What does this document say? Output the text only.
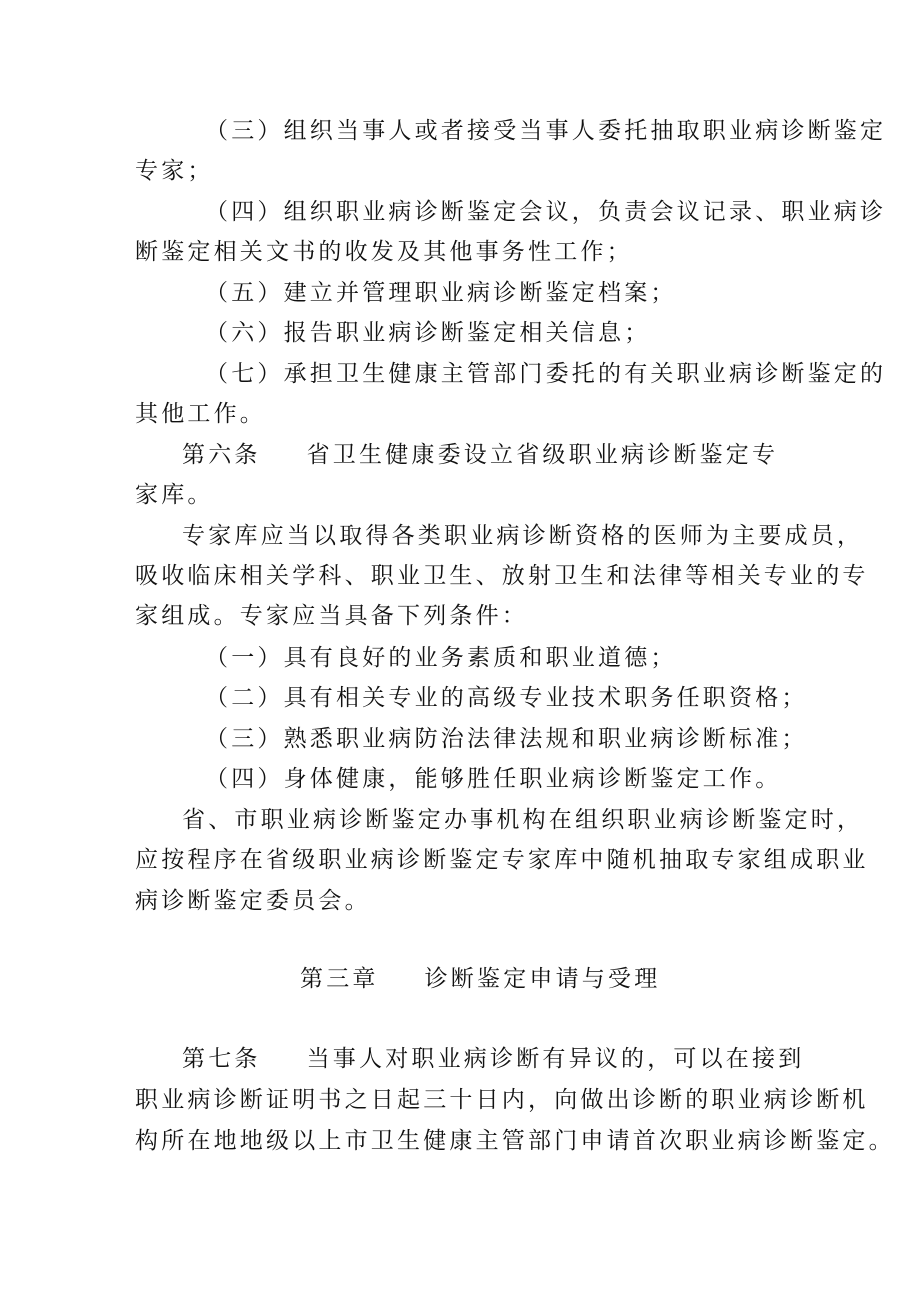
（三）组织当事人或者接受当事人委托抽取职业病诊断鉴定

专家；

（四）组织职业病诊断鉴定会议，负责会议记录、职业病诊

断鉴定相关文书的收发及其他事务性工作；

（五）建立并管理职业病诊断鉴定档案；

（六）报告职业病诊断鉴定相关信息；

（七）承担卫生健康主管部门委托的有关职业病诊断鉴定的

其他工作。

第六条 省卫生健康委设立省级职业病诊断鉴定专

家库。

专家库应当以取得各类职业病诊断资格的医师为主要成员，

吸收临床相关学科、职业卫生、放射卫生和法律等相关专业的专

家组成。专家应当具备下列条件：

（一）具有良好的业务素质和职业道德；

（二）具有相关专业的高级专业技术职务任职资格；

（三）熟悉职业病防治法律法规和职业病诊断标准；

（四）身体健康，能够胜任职业病诊断鉴定工作。

省、市职业病诊断鉴定办事机构在组织职业病诊断鉴定时，

应按程序在省级职业病诊断鉴定专家库中随机抽取专家组成职业

病诊断鉴定委员会。

第三章 诊断鉴定申请与受理

第七条 当事人对职业病诊断有异议的，可以在接到

职业病诊断证明书之日起三十日内，向做出诊断的职业病诊断机

构所在地地级以上市卫生健康主管部门申请首次职业病诊断鉴定。
